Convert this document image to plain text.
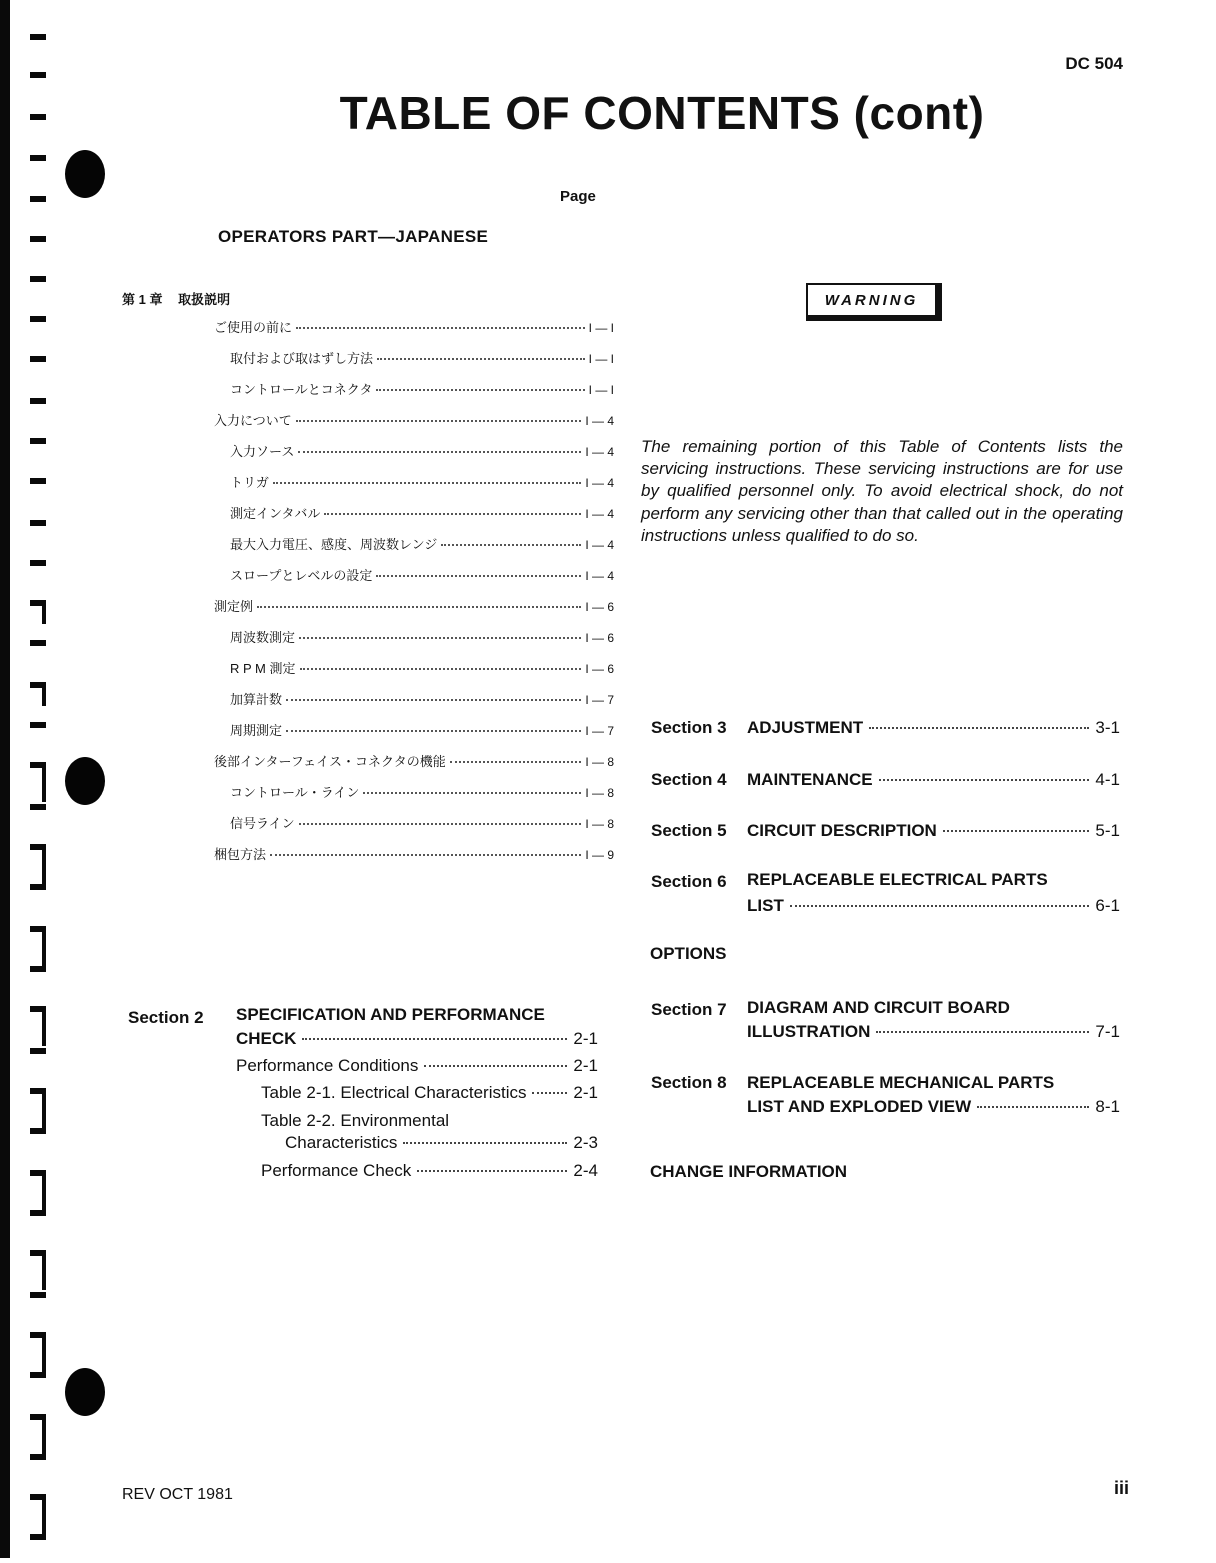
DC 504
TABLE OF CONTENTS (cont)
Page
OPERATORS PART—JAPANESE
第 1 章 取扱説明
ご使用の前に	I — I
取付および取はずし方法	I — I
コントロールとコネクタ	I — I
入力について	I — 4
入力ソース	I — 4
トリガ	I — 4
測定インタバル	I — 4
最大入力電圧、感度、周波数レンジ	I — 4
スロープとレベルの設定	I — 4
測定例	I — 6
周波数測定	I — 6
R P M 測定	I — 6
加算計数	I — 7
周期測定	I — 7
後部インターフェイス・コネクタの機能	I — 8
コントロール・ライン	I — 8
信号ライン	I — 8
梱包方法	I — 9
WARNING
The remaining portion of this Table of Contents lists the servicing instructions. These servicing instructions are for use by qualified personnel only. To avoid electrical shock, do not perform any servicing other than that called out in the operating instructions unless qualified to do so.
Section 2 SPECIFICATION AND PERFORMANCE
CHECK	2-1
Performance Conditions	2-1
Table 2-1. Electrical Characteristics	2-1
Table 2-2. Environmental
Characteristics	2-3
Performance Check	2-4
Section 3 ADJUSTMENT	3-1
Section 4 MAINTENANCE	4-1
Section 5 CIRCUIT DESCRIPTION	5-1
Section 6 REPLACEABLE ELECTRICAL PARTS
LIST	6-1
OPTIONS
Section 7 DIAGRAM AND CIRCUIT BOARD
ILLUSTRATION	7-1
Section 8 REPLACEABLE MECHANICAL PARTS
LIST AND EXPLODED VIEW	8-1
CHANGE INFORMATION
REV OCT 1981	iii
